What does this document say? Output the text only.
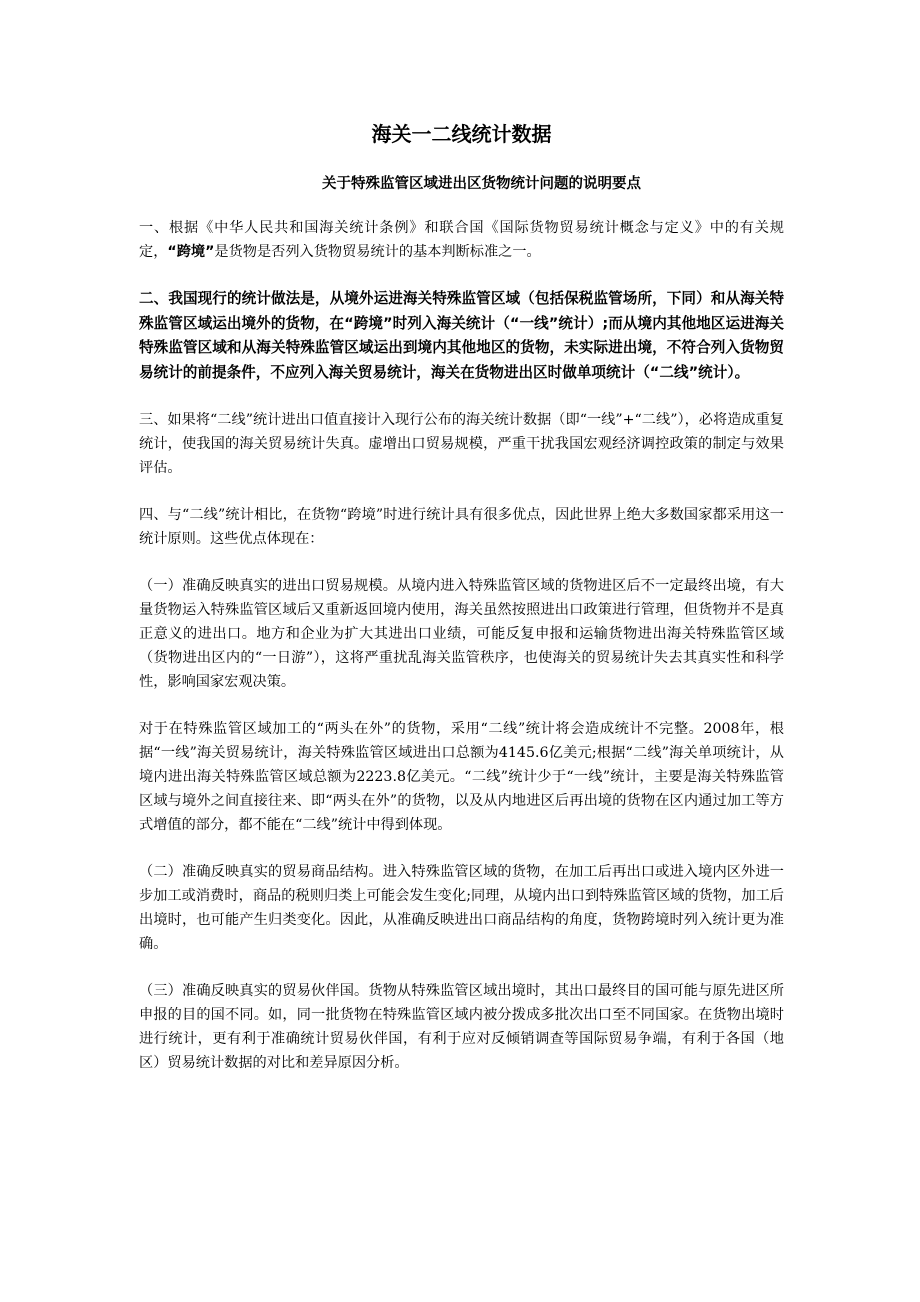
海关一二线统计数据
关于特殊监管区域进出区货物统计问题的说明要点

一、根据《中华人民共和国海关统计条例》和联合国《国际货物贸易统计概念与定义》中的有关规定，“跨境”是货物是否列入货物贸易统计的基本判断标准之一。

二、我国现行的统计做法是，从境外运进海关特殊监管区域（包括保税监管场所，下同）和从海关特殊监管区域运出境外的货物，在“跨境”时列入海关统计（“一线”统计）;而从境内其他地区运进海关特殊监管区域和从海关特殊监管区域运出到境内其他地区的货物，未实际进出境，不符合列入货物贸易统计的前提条件，不应列入海关贸易统计，海关在货物进出区时做单项统计（“二线”统计）。

三、如果将“二线”统计进出口值直接计入现行公布的海关统计数据（即“一线”+“二线”），必将造成重复统计，使我国的海关贸易统计失真。虚增出口贸易规模，严重干扰我国宏观经济调控政策的制定与效果评估。

四、与“二线”统计相比，在货物“跨境”时进行统计具有很多优点，因此世界上绝大多数国家都采用这一统计原则。这些优点体现在：

（一）准确反映真实的进出口贸易规模。从境内进入特殊监管区域的货物进区后不一定最终出境，有大量货物运入特殊监管区域后又重新返回境内使用，海关虽然按照进出口政策进行管理，但货物并不是真正意义的进出口。地方和企业为扩大其进出口业绩，可能反复申报和运输货物进出海关特殊监管区域（货物进出区内的“一日游”），这将严重扰乱海关监管秩序，也使海关的贸易统计失去其真实性和科学性，影响国家宏观决策。

对于在特殊监管区域加工的“两头在外”的货物，采用“二线”统计将会造成统计不完整。2008年，根据“一线”海关贸易统计，海关特殊监管区域进出口总额为4145.6亿美元;根据“二线”海关单项统计，从境内进出海关特殊监管区域总额为2223.8亿美元。“二线”统计少于“一线”统计，主要是海关特殊监管区域与境外之间直接往来、即“两头在外”的货物，以及从内地进区后再出境的货物在区内通过加工等方式增值的部分，都不能在“二线”统计中得到体现。

（二）准确反映真实的贸易商品结构。进入特殊监管区域的货物，在加工后再出口或进入境内区外进一步加工或消费时，商品的税则归类上可能会发生变化;同理，从境内出口到特殊监管区域的货物，加工后出境时，也可能产生归类变化。因此，从准确反映进出口商品结构的角度，货物跨境时列入统计更为准确。

（三）准确反映真实的贸易伙伴国。货物从特殊监管区域出境时，其出口最终目的国可能与原先进区所申报的目的国不同。如，同一批货物在特殊监管区域内被分拨成多批次出口至不同国家。在货物出境时进行统计，更有利于准确统计贸易伙伴国，有利于应对反倾销调查等国际贸易争端，有利于各国（地区）贸易统计数据的对比和差异原因分析。
